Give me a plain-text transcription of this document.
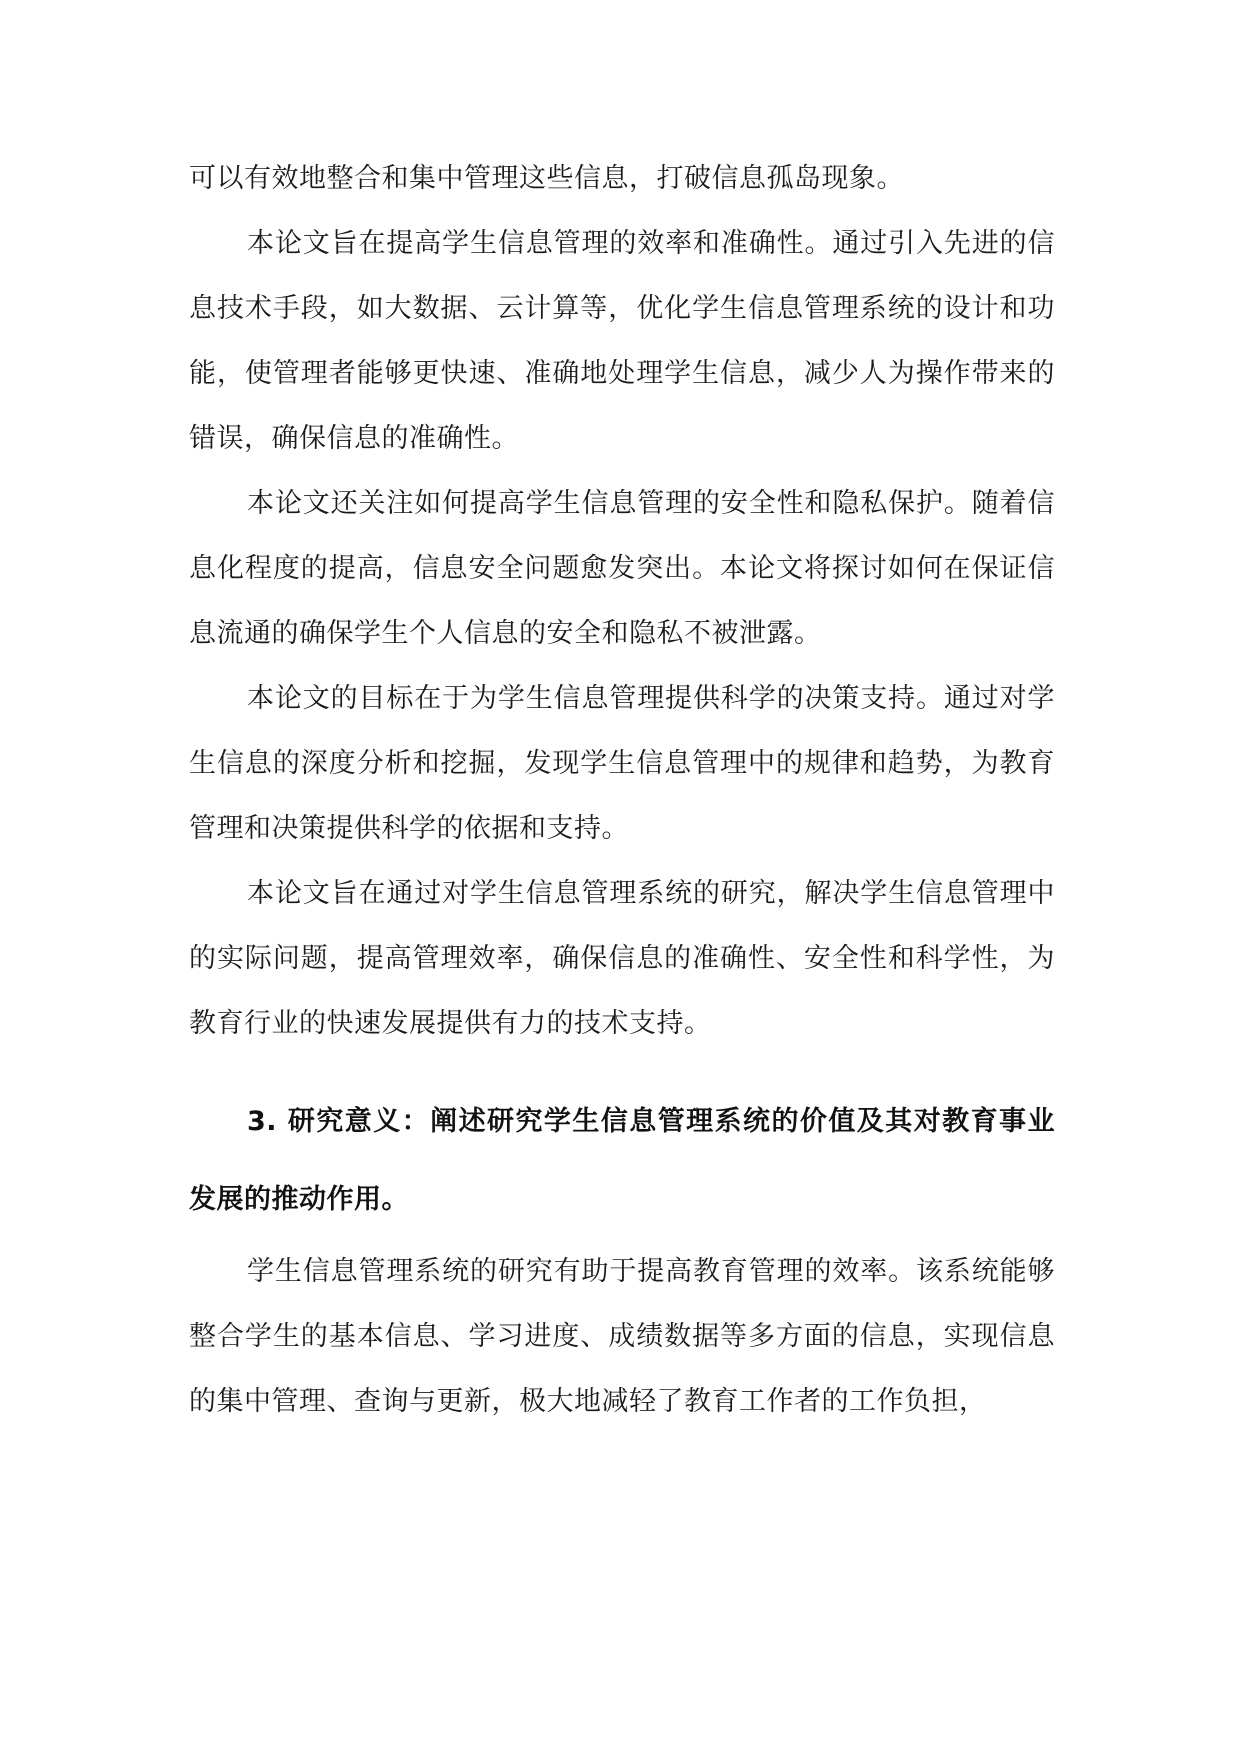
可以有效地整合和集中管理这些信息，打破信息孤岛现象。

本论文旨在提高学生信息管理的效率和准确性。通过引入先进的信息技术手段，如大数据、云计算等，优化学生信息管理系统的设计和功能，使管理者能够更快速、准确地处理学生信息，减少人为操作带来的错误，确保信息的准确性。

本论文还关注如何提高学生信息管理的安全性和隐私保护。随着信息化程度的提高，信息安全问题愈发突出。本论文将探讨如何在保证信息流通的确保学生个人信息的安全和隐私不被泄露。

本论文的目标在于为学生信息管理提供科学的决策支持。通过对学生信息的深度分析和挖掘，发现学生信息管理中的规律和趋势，为教育管理和决策提供科学的依据和支持。

本论文旨在通过对学生信息管理系统的研究，解决学生信息管理中的实际问题，提高管理效率，确保信息的准确性、安全性和科学性，为教育行业的快速发展提供有力的技术支持。

3. 研究意义：阐述研究学生信息管理系统的价值及其对教育事业发展的推动作用。

学生信息管理系统的研究有助于提高教育管理的效率。该系统能够整合学生的基本信息、学习进度、成绩数据等多方面的信息，实现信息的集中管理、查询与更新，极大地减轻了教育工作者的工作负担，
